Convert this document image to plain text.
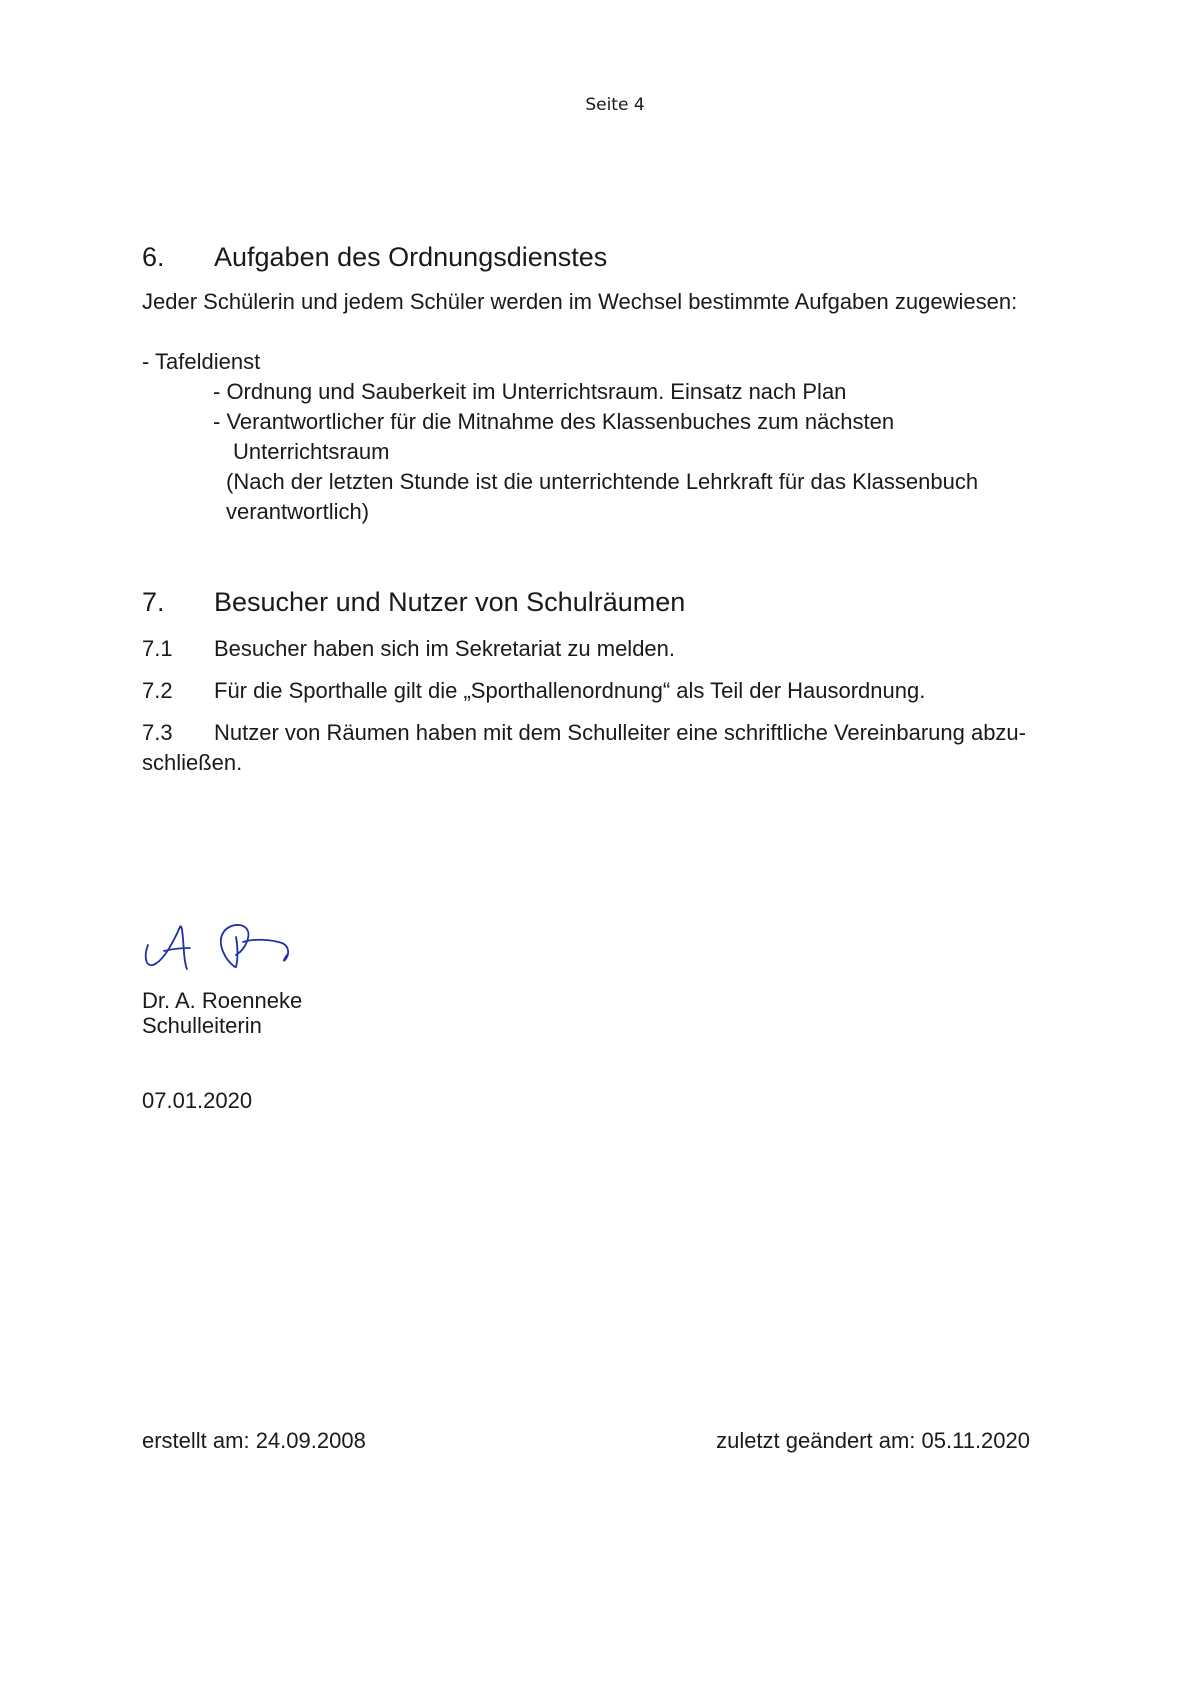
Seite 4
6. Aufgaben des Ordnungsdienstes
Jeder Schülerin und jedem Schüler werden im Wechsel bestimmte Aufgaben zugewiesen:
- Tafeldienst
- Ordnung und Sauberkeit im Unterrichtsraum. Einsatz nach Plan
- Verantwortlicher für die Mitnahme des Klassenbuches zum nächsten
Unterrichtsraum
(Nach der letzten Stunde ist die unterrichtende Lehrkraft für das Klassenbuch
verantwortlich)
7. Besucher und Nutzer von Schulräumen
7.1 Besucher haben sich im Sekretariat zu melden.
7.2 Für die Sporthalle gilt die „Sporthallenordnung“ als Teil der Hausordnung.
7.3 Nutzer von Räumen haben mit dem Schulleiter eine schriftliche Vereinbarung abzu-
schließen.
Dr. A. Roenneke
Schulleiterin
07.01.2020
erstellt am: 24.09.2008	zuletzt geändert am: 05.11.2020
